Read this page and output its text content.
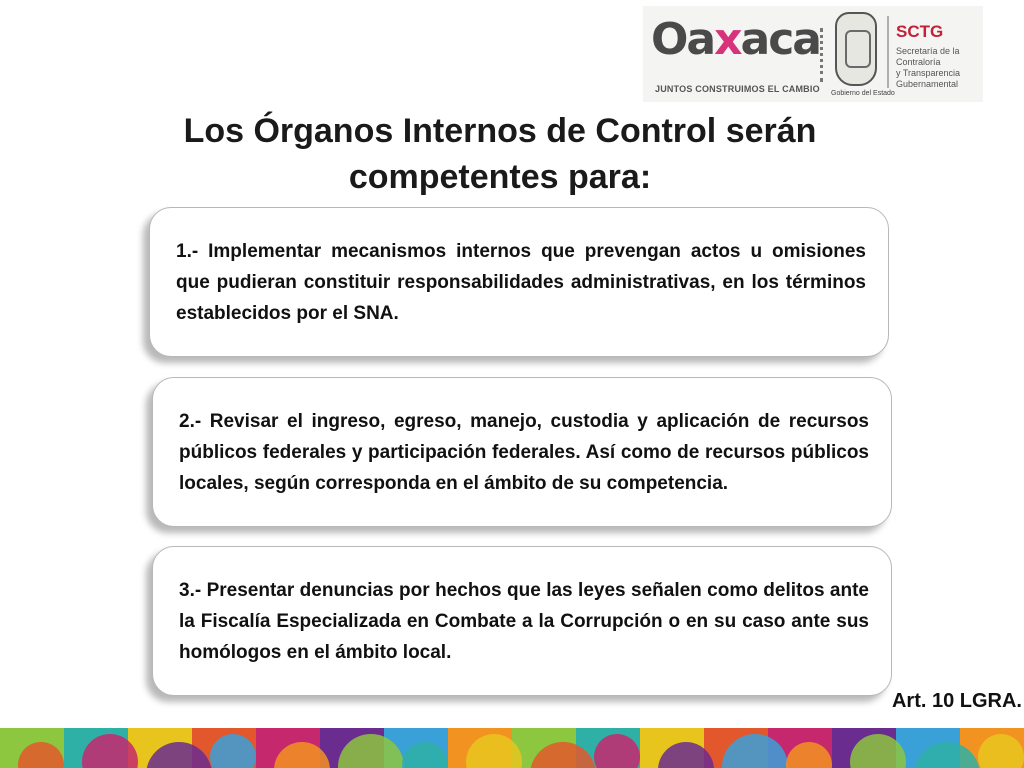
Oaxaca
JUNTOS CONSTRUIMOS EL CAMBIO Gobierno del Estado
SCTG
Secretaría de la Contraloría
y Transparencia
Gubernamental
Los Órganos Internos de Control serán
competentes para:

1.- Implementar mecanismos internos que prevengan actos u omisiones que pudieran constituir responsabilidades administrativas, en los términos establecidos por el SNA.

2.- Revisar el ingreso, egreso, manejo, custodia y aplicación de recursos públicos federales y participación federales. Así como de recursos públicos locales, según corresponda en el ámbito de su competencia.

3.- Presentar denuncias por hechos que las leyes señalen como delitos ante la Fiscalía Especializada en Combate a la Corrupción o en su caso ante sus homólogos en el ámbito local.

Art. 10 LGRA.
